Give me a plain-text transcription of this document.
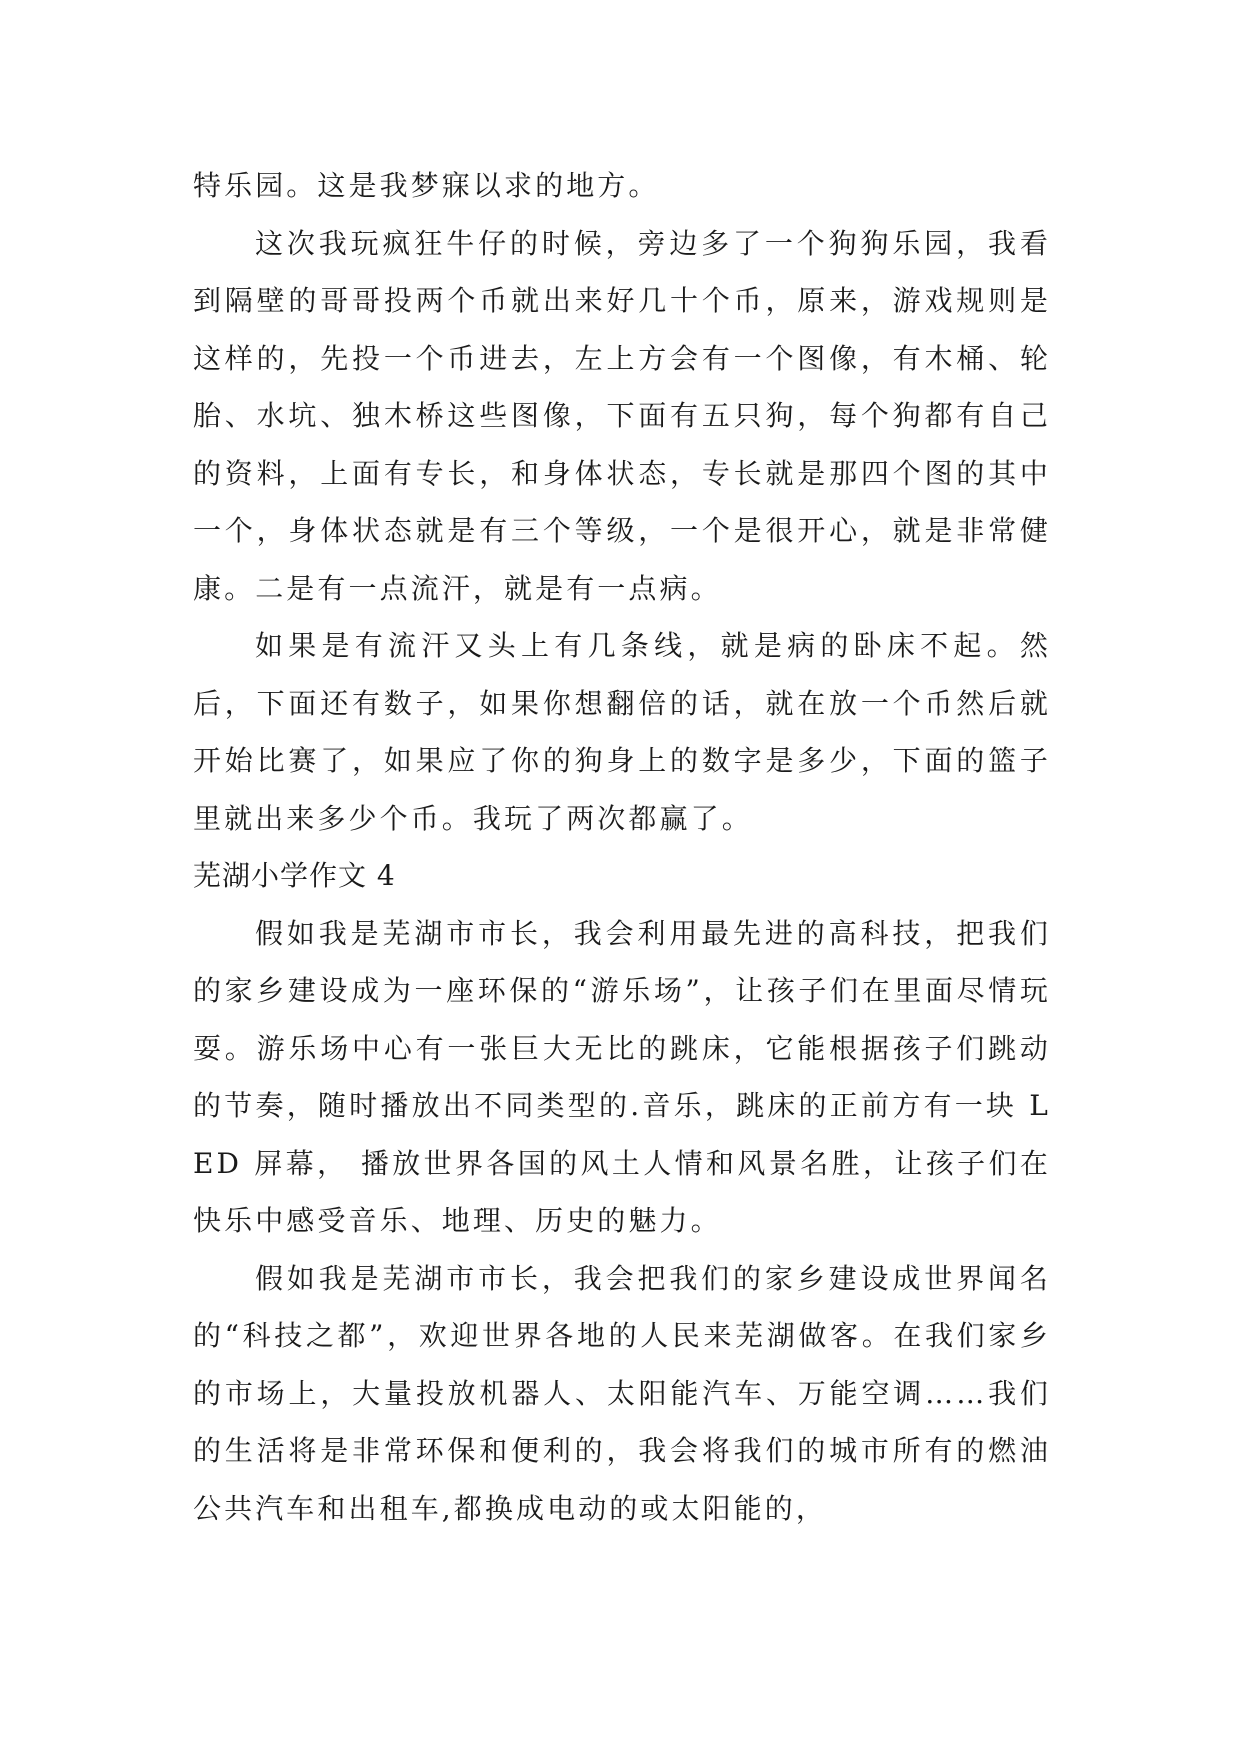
特乐园。这是我梦寐以求的地方。

这次我玩疯狂牛仔的时候，旁边多了一个狗狗乐园，我看到隔壁的哥哥投两个币就出来好几十个币，原来，游戏规则是这样的，先投一个币进去，左上方会有一个图像，有木桶、轮胎、水坑、独木桥这些图像，下面有五只狗，每个狗都有自己的资料，上面有专长，和身体状态，专长就是那四个图的其中一个，身体状态就是有三个等级，一个是很开心，就是非常健康。二是有一点流汗，就是有一点病。

如果是有流汗又头上有几条线，就是病的卧床不起。然后，下面还有数子，如果你想翻倍的话，就在放一个币然后就开始比赛了，如果应了你的狗身上的数字是多少，下面的篮子里就出来多少个币。我玩了两次都赢了。

芜湖小学作文 4

假如我是芜湖市市长，我会利用最先进的高科技，把我们的家乡建设成为一座环保的“游乐场”，让孩子们在里面尽情玩耍。游乐场中心有一张巨大无比的跳床，它能根据孩子们跳动的节奏，随时播放出不同类型的.音乐，跳床的正前方有一块 LED 屏幕， 播放世界各国的风土人情和风景名胜，让孩子们在快乐中感受音乐、地理、历史的魅力。

假如我是芜湖市市长，我会把我们的家乡建设成世界闻名的“科技之都”，欢迎世界各地的人民来芜湖做客。在我们家乡的市场上，大量投放机器人、太阳能汽车、万能空调……我们的生活将是非常环保和便利的，我会将我们的城市所有的燃油公共汽车和出租车,都换成电动的或太阳能的，
